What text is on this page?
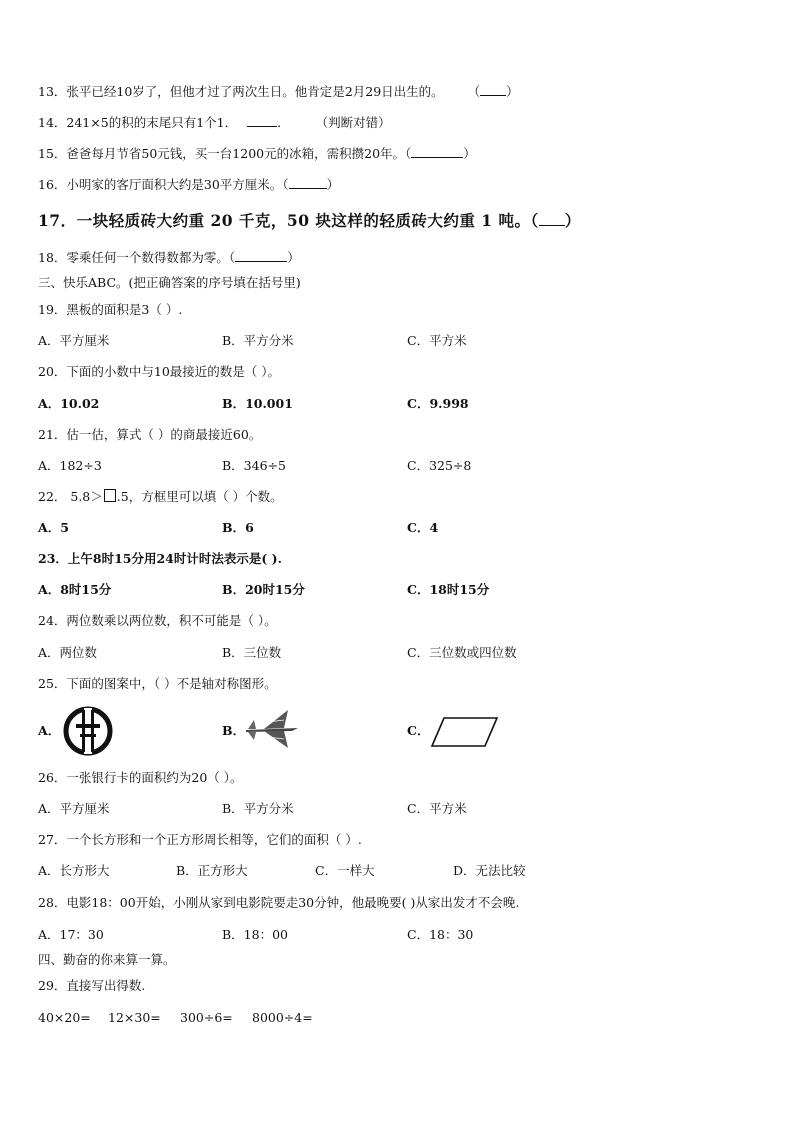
13．张平已经10岁了，但他才过了两次生日。他肯定是2月29日出生的。 （ ）
14．241×5的积的末尾只有1个1．	． （判断对错）
15．爸爸每月节省50元钱，买一台1200元的冰箱，需积攒20年。（	）
16．小明家的客厅面积大约是30平方厘米。（	）
17．一块轻质砖大约重 20 千克，50 块这样的轻质砖大约重 1 吨。（ ）
18．零乘任何一个数得数都为零。（	）
三、快乐ABC。(把正确答案的序号填在括号里)
19．黑板的面积是3（ ）.
A．平方厘米	B．平方分米	C．平方米
20．下面的小数中与10最接近的数是（ ）。
A．10.02	B．10.001	C．9.998
21．估一估，算式（ ）的商最接近60。
A．182÷3	B．346÷5	C．325÷8
22． 5.8＞ .5，方框里可以填（ ）个数。
A．5	B．6	C．4
23．上午8时15分用24时计时法表示是( ).
A．8时15分	B．20时15分	C．18时15分
24．两位数乘以两位数，积不可能是（ ）。
A．两位数	B．三位数	C．三位数或四位数
25．下面的图案中，（ ）不是轴对称图形。
A．	B．	C．
26．一张银行卡的面积约为20（ ）。
A．平方厘米	B．平方分米	C．平方米
27．一个长方形和一个正方形周长相等，它们的面积（ ）.
A．长方形大	B．正方形大	C．一样大	D．无法比较
28．电影18：00开始，小刚从家到电影院要走30分钟，他最晚要( )从家出发才不会晚.
A．17：30	B．18：00	C．18：30
四、勤奋的你来算一算。
29．直接写出得数.
40×20= 12×30= 300÷6= 8000÷4=
